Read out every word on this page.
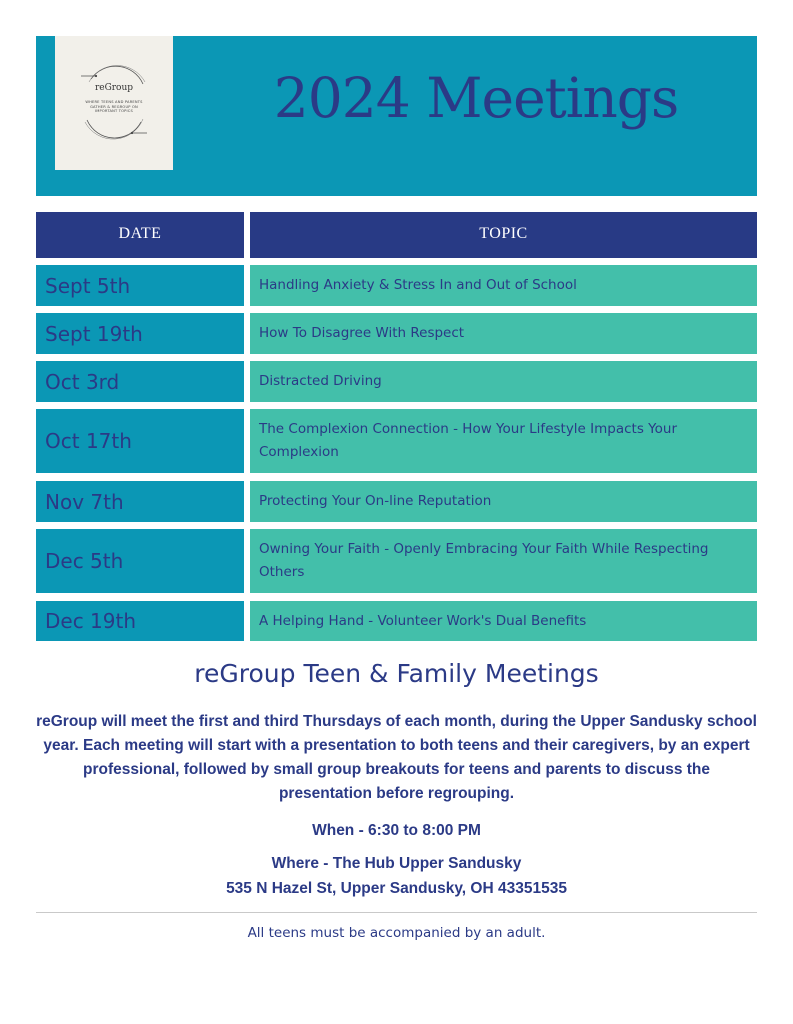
reGroup
WHERE TEENS AND PARENTS GATHER & REGROUP ON IMPORTANT TOPICS	2024 Meetings
DATE	TOPIC
Sept 5th	Handling Anxiety & Stress In and Out of School
Sept 19th	How To Disagree With Respect
Oct 3rd	Distracted Driving
Oct 17th	The Complexion Connection - How Your Lifestyle Impacts Your Complexion
Nov 7th	Protecting Your On-line Reputation
Dec 5th	Owning Your Faith - Openly Embracing Your Faith While Respecting Others
Dec 19th	A Helping Hand - Volunteer Work's Dual Benefits
reGroup Teen & Family Meetings
reGroup will meet the first and third Thursdays of each month, during the Upper Sandusky school year. Each meeting will start with a presentation to both teens and their caregivers, by an expert professional, followed by small group breakouts for teens and parents to discuss the presentation before regrouping.
When - 6:30 to 8:00 PM
Where - The Hub Upper Sandusky
535 N Hazel St, Upper Sandusky, OH 43351535
All teens must be accompanied by an adult.
